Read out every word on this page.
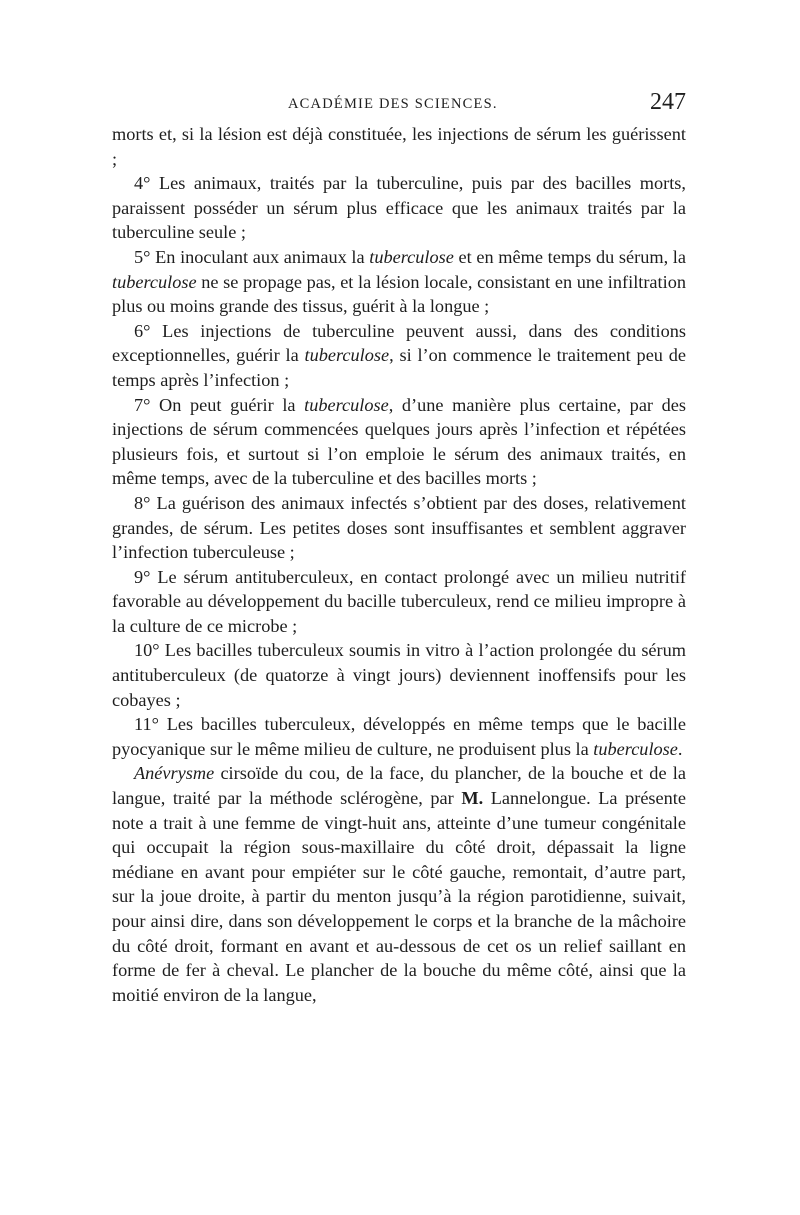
ACADÉMIE DES SCIENCES.	247

morts et, si la lésion est déjà constituée, les injections de sérum les guérissent ;

4° Les animaux, traités par la tuberculine, puis par des bacilles morts, paraissent posséder un sérum plus efficace que les animaux traités par la tuberculine seule ;

5° En inoculant aux animaux la tuberculose et en même temps du sérum, la tuberculose ne se propage pas, et la lésion locale, consistant en une infiltration plus ou moins grande des tissus, guérit à la longue ;

6° Les injections de tuberculine peuvent aussi, dans des conditions exceptionnelles, guérir la tuberculose, si l’on commence le traitement peu de temps après l’infection ;

7° On peut guérir la tuberculose, d’une manière plus certaine, par des injections de sérum commencées quelques jours après l’infection et répétées plusieurs fois, et surtout si l’on emploie le sérum des animaux traités, en même temps, avec de la tuberculine et des bacilles morts ;

8° La guérison des animaux infectés s’obtient par des doses, relativement grandes, de sérum. Les petites doses sont insuffisantes et semblent aggraver l’infection tuberculeuse ;

9° Le sérum antituberculeux, en contact prolongé avec un milieu nutritif favorable au développement du bacille tuberculeux, rend ce milieu impropre à la culture de ce microbe ;

10° Les bacilles tuberculeux soumis in vitro à l’action prolongée du sérum antituberculeux (de quatorze à vingt jours) deviennent inoffensifs pour les cobayes ;

11° Les bacilles tuberculeux, développés en même temps que le bacille pyocyanique sur le même milieu de culture, ne produisent plus la tuberculose.

Anévrysme cirsoïde du cou, de la face, du plancher, de la bouche et de la langue, traité par la méthode sclérogène, par M. Lannelongue. La présente note a trait à une femme de vingt-huit ans, atteinte d’une tumeur congénitale qui occupait la région sous-maxillaire du côté droit, dépassait la ligne médiane en avant pour empiéter sur le côté gauche, remontait, d’autre part, sur la joue droite, à partir du menton jusqu’à la région parotidienne, suivait, pour ainsi dire, dans son développement le corps et la branche de la mâchoire du côté droit, formant en avant et au-dessous de cet os un relief saillant en forme de fer à cheval. Le plancher de la bouche du même côté, ainsi que la moitié environ de la langue,
